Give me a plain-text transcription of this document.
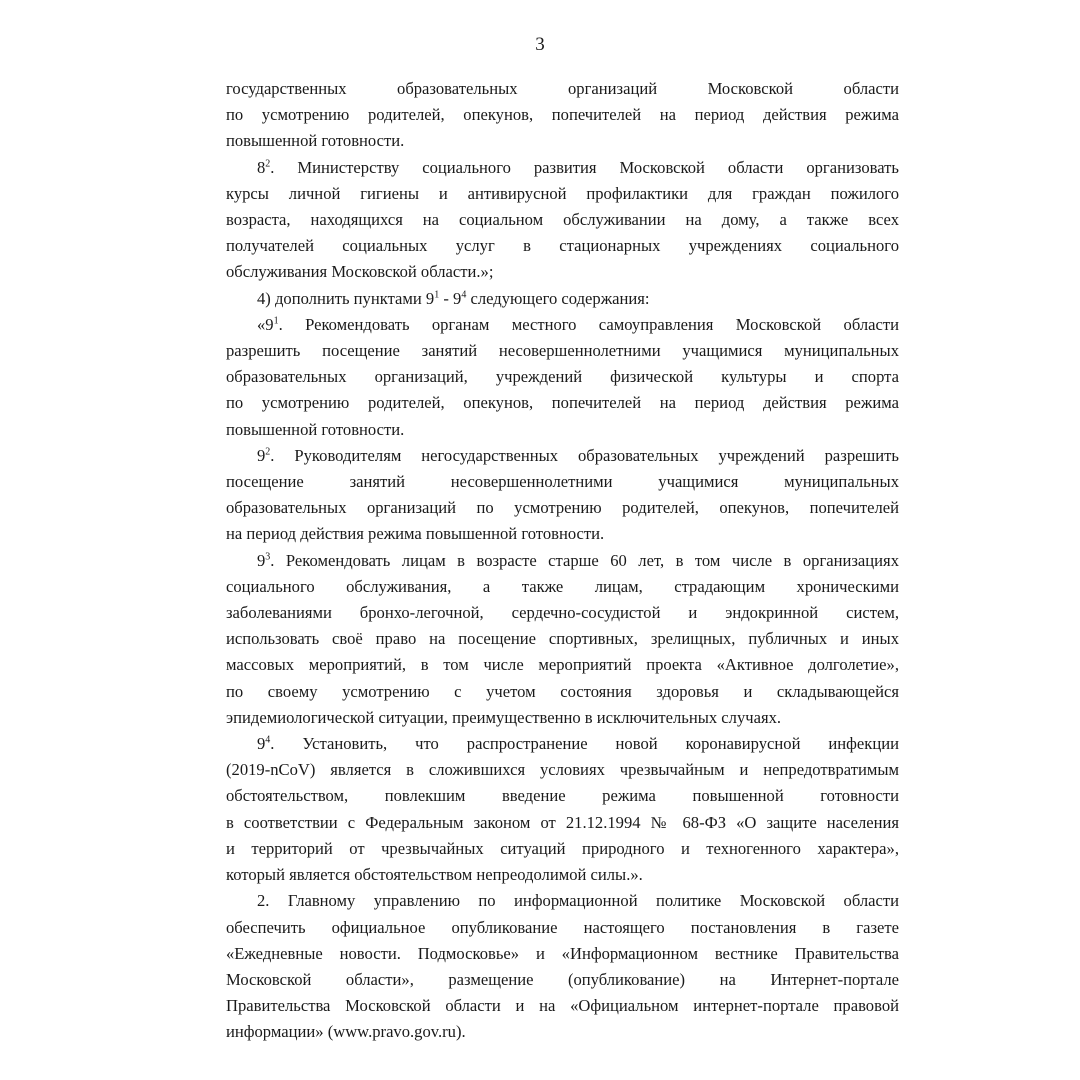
3

государственных образовательных организаций Московской области
по усмотрению родителей, опекунов, попечителей на период действия режима
повышенной готовности.

$8^2$. Министерству социального развития Московской области организовать
курсы личной гигиены и антивирусной профилактики для граждан пожилого
возраста, находящихся на социальном обслуживании на дому, а также всех
получателей социальных услуг в стационарных учреждениях социального
обслуживания Московской области.»;

4) дополнить пунктами $9^1 - 9^4$ следующего содержания:

«$9^1$. Рекомендовать органам местного самоуправления Московской области
разрешить посещение занятий несовершеннолетними учащимися муниципальных
образовательных организаций, учреждений физической культуры и спорта
по усмотрению родителей, опекунов, попечителей на период действия режима
повышенной готовности.

$9^2$. Руководителям негосударственных образовательных учреждений разрешить
посещение занятий несовершеннолетними учащимися муниципальных
образовательных организаций по усмотрению родителей, опекунов, попечителей
на период действия режима повышенной готовности.

$9^3$. Рекомендовать лицам в возрасте старше 60 лет, в том числе в организациях
социального обслуживания, а также лицам, страдающим хроническими
заболеваниями бронхо-легочной, сердечно-сосудистой и эндокринной систем,
использовать своё право на посещение спортивных, зрелищных, публичных и иных
массовых мероприятий, в том числе мероприятий проекта «Активное долголетие»,
по своему усмотрению с учетом состояния здоровья и складывающейся
эпидемиологической ситуации, преимущественно в исключительных случаях.

$9^4$. Установить, что распространение новой коронавирусной инфекции
(2019-nCoV) является в сложившихся условиях чрезвычайным и непредотвратимым
обстоятельством, повлекшим введение режима повышенной готовности
в соответствии с Федеральным законом от 21.12.1994 № 68-ФЗ «О защите населения
и территорий от чрезвычайных ситуаций природного и техногенного характера»,
который является обстоятельством непреодолимой силы.».

2. Главному управлению по информационной политике Московской области
обеспечить официальное опубликование настоящего постановления в газете
«Ежедневные новости. Подмосковье» и «Информационном вестнике Правительства
Московской области», размещение (опубликование) на Интернет-портале
Правительства Московской области и на «Официальном интернет-портале правовой
информации» (www.pravo.gov.ru).
